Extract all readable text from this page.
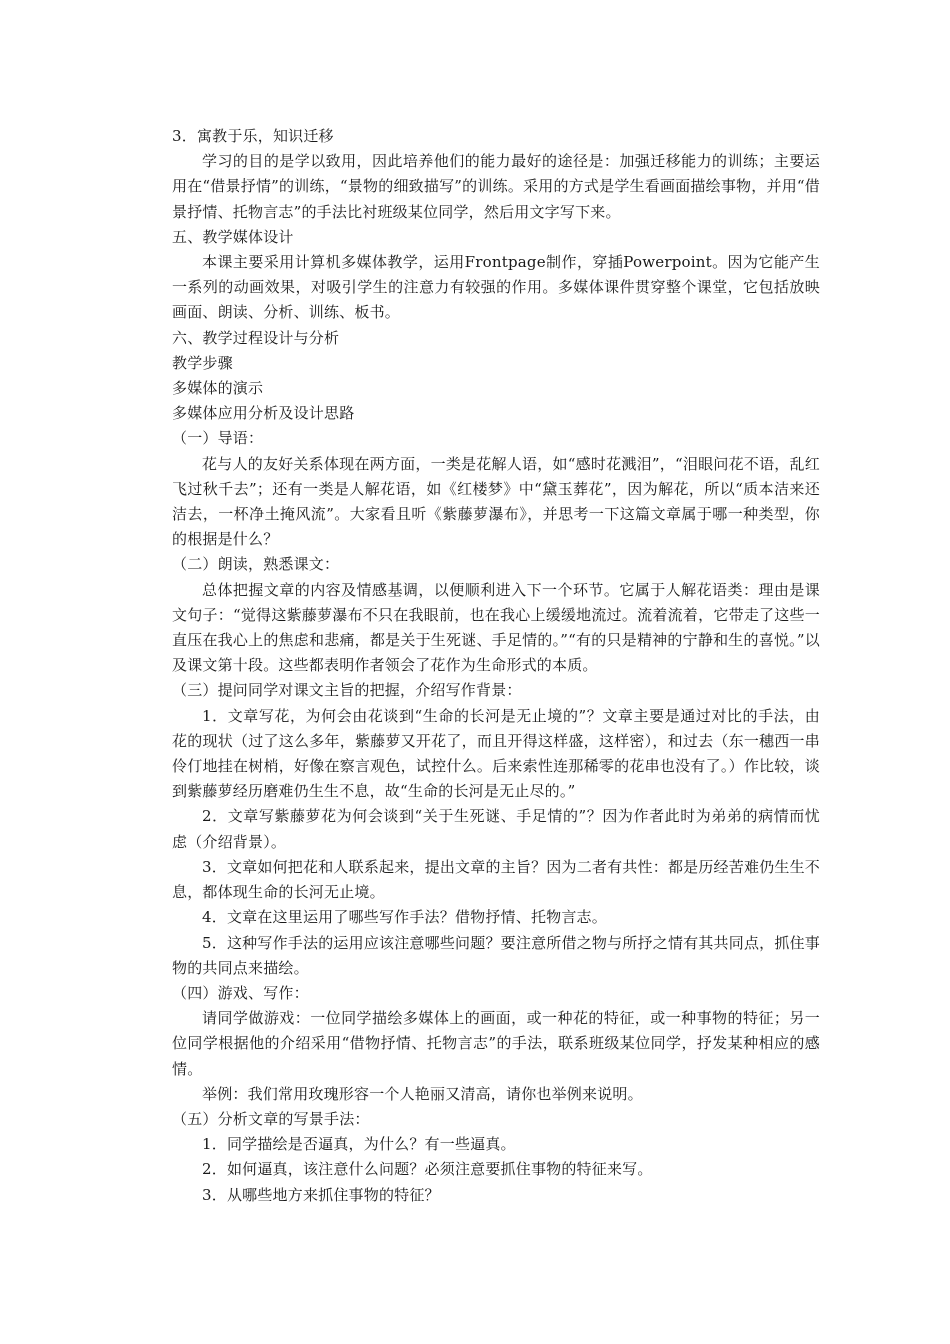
3．寓教于乐，知识迁移

学习的目的是学以致用，因此培养他们的能力最好的途径是：加强迁移能力的训练；主要运用在“借景抒情”的训练，“景物的细致描写”的训练。采用的方式是学生看画面描绘事物，并用“借景抒情、托物言志”的手法比衬班级某位同学，然后用文字写下来。

五、教学媒体设计

本课主要采用计算机多媒体教学，运用Frontpage制作，穿插Powerpoint。因为它能产生一系列的动画效果，对吸引学生的注意力有较强的作用。多媒体课件贯穿整个课堂，它包括放映画面、朗读、分析、训练、板书。

六、教学过程设计与分析

教学步骤

多媒体的演示

多媒体应用分析及设计思路

（一）导语：

花与人的友好关系体现在两方面，一类是花解人语，如“感时花溅泪”，“泪眼问花不语，乱红飞过秋千去”；还有一类是人解花语，如《红楼梦》中“黛玉葬花”，因为解花，所以“质本洁来还洁去，一杯净土掩风流”。大家看且听《紫藤萝瀑布》，并思考一下这篇文章属于哪一种类型，你的根据是什么？

（二）朗读，熟悉课文：

总体把握文章的内容及情感基调，以便顺利进入下一个环节。它属于人解花语类：理由是课文句子：“觉得这紫藤萝瀑布不只在我眼前，也在我心上缓缓地流过。流着流着，它带走了这些一直压在我心上的焦虑和悲痛，都是关于生死谜、手足情的。”“有的只是精神的宁静和生的喜悦。”以及课文第十段。这些都表明作者领会了花作为生命形式的本质。

（三）提问同学对课文主旨的把握，介绍写作背景：

1．文章写花，为何会由花谈到“生命的长河是无止境的”？文章主要是通过对比的手法，由花的现状（过了这么多年，紫藤萝又开花了，而且开得这样盛，这样密），和过去（东一穗西一串伶仃地挂在树梢，好像在察言观色，试控什么。后来索性连那稀零的花串也没有了。）作比较，谈到紫藤萝经历磨难仍生生不息，故“生命的长河是无止尽的。”

2．文章写紫藤萝花为何会谈到“关于生死谜、手足情的”？因为作者此时为弟弟的病情而忧虑（介绍背景）。

3．文章如何把花和人联系起来，提出文章的主旨？因为二者有共性：都是历经苦难仍生生不息，都体现生命的长河无止境。

4．文章在这里运用了哪些写作手法？借物抒情、托物言志。

5．这种写作手法的运用应该注意哪些问题？要注意所借之物与所抒之情有其共同点，抓住事物的共同点来描绘。

（四）游戏、写作：

请同学做游戏：一位同学描绘多媒体上的画面，或一种花的特征，或一种事物的特征；另一位同学根据他的介绍采用“借物抒情、托物言志”的手法，联系班级某位同学，抒发某种相应的感情。

举例：我们常用玫瑰形容一个人艳丽又清高，请你也举例来说明。

（五）分析文章的写景手法：

1．同学描绘是否逼真，为什么？有一些逼真。

2．如何逼真，该注意什么问题？必须注意要抓住事物的特征来写。

3．从哪些地方来抓住事物的特征？
